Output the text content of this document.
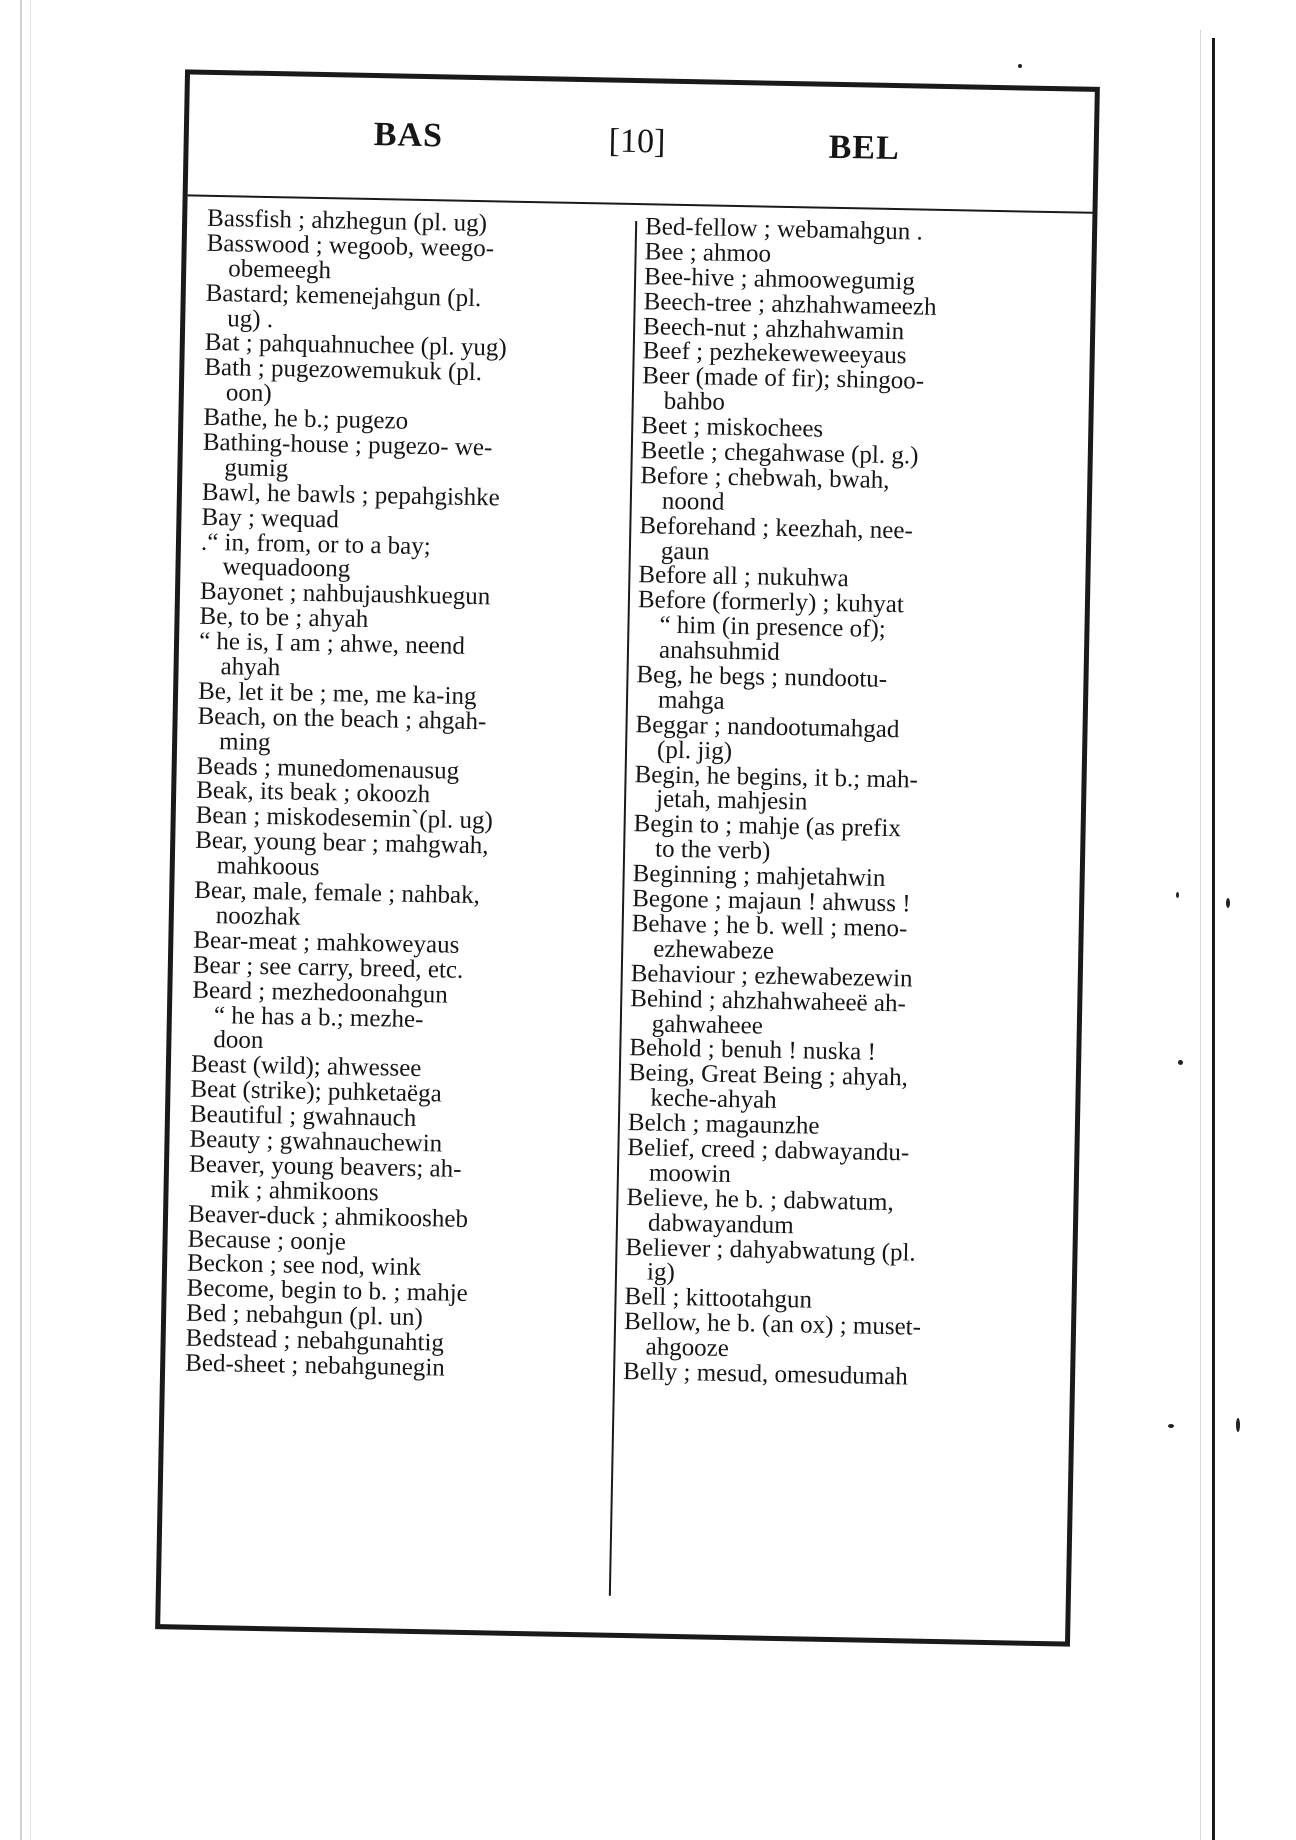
BAS	[10]	BEL
Bassfish ; ahzhegun (pl. ug)
Basswood ; wegoob, weego-
obemeegh
Bastard; kemenejahgun (pl.
ug) .
Bat ; pahquahnuchee (pl. yug)
Bath ; pugezowemukuk (pl.
oon)
Bathe, he b.; pugezo
Bathing-house ; pugezo- we-
gumig
Bawl, he bawls ; pepahgishke
Bay ; wequad
.“ in, from, or to a bay;
wequadoong
Bayonet ; nahbujaushkuegun
Be, to be ; ahyah
“ he is, I am ; ahwe, neend
ahyah
Be, let it be ; me, me ka-ing
Beach, on the beach ; ahgah-
ming
Beads ; munedomenausug
Beak, its beak ; okoozh
Bean ; miskodesemin`(pl. ug)
Bear, young bear ; mahgwah,
mahkoous
Bear, male, female ; nahbak,
noozhak
Bear-meat ; mahkoweyaus
Bear ; see carry, breed, etc.
Beard ; mezhedoonahgun
“ he has a b.; mezhe-
doon
Beast (wild); ahwessee
Beat (strike); puhketaëga
Beautiful ; gwahnauch
Beauty ; gwahnauchewin
Beaver, young beavers; ah-
mik ; ahmikoons
Beaver-duck ; ahmikoosheb
Because ; oonje
Beckon ; see nod, wink
Become, begin to b. ; mahje
Bed ; nebahgun (pl. un)
Bedstead ; nebahgunahtig
Bed-sheet ; nebahgunegin
Bed-fellow ; webamahgun .
Bee ; ahmoo
Bee-hive ; ahmoowegumig
Beech-tree ; ahzhahwameezh
Beech-nut ; ahzhahwamin
Beef ; pezhekeweweeyaus
Beer (made of fir); shingoo-
bahbo
Beet ; miskochees
Beetle ; chegahwase (pl. g.)
Before ; chebwah, bwah,
noond
Beforehand ; keezhah, nee-
gaun
Before all ; nukuhwa
Before (formerly) ; kuhyat
“ him (in presence of);
anahsuhmid
Beg, he begs ; nundootu-
mahga
Beggar ; nandootumahgad
(pl. jig)
Begin, he begins, it b.; mah-
jetah, mahjesin
Begin to ; mahje (as prefix
to the verb)
Beginning ; mahjetahwin
Begone ; majaun ! ahwuss !
Behave ; he b. well ; meno-
ezhewabeze
Behaviour ; ezhewabezewin
Behind ; ahzhahwaheeë ah-
gahwaheee
Behold ; benuh ! nuska !
Being, Great Being ; ahyah,
keche-ahyah
Belch ; magaunzhe
Belief, creed ; dabwayandu-
moowin
Believe, he b. ; dabwatum,
dabwayandum
Believer ; dahyabwatung (pl.
ig)
Bell ; kittootahgun
Bellow, he b. (an ox) ; muset-
ahgooze
Belly ; mesud, omesudumah
